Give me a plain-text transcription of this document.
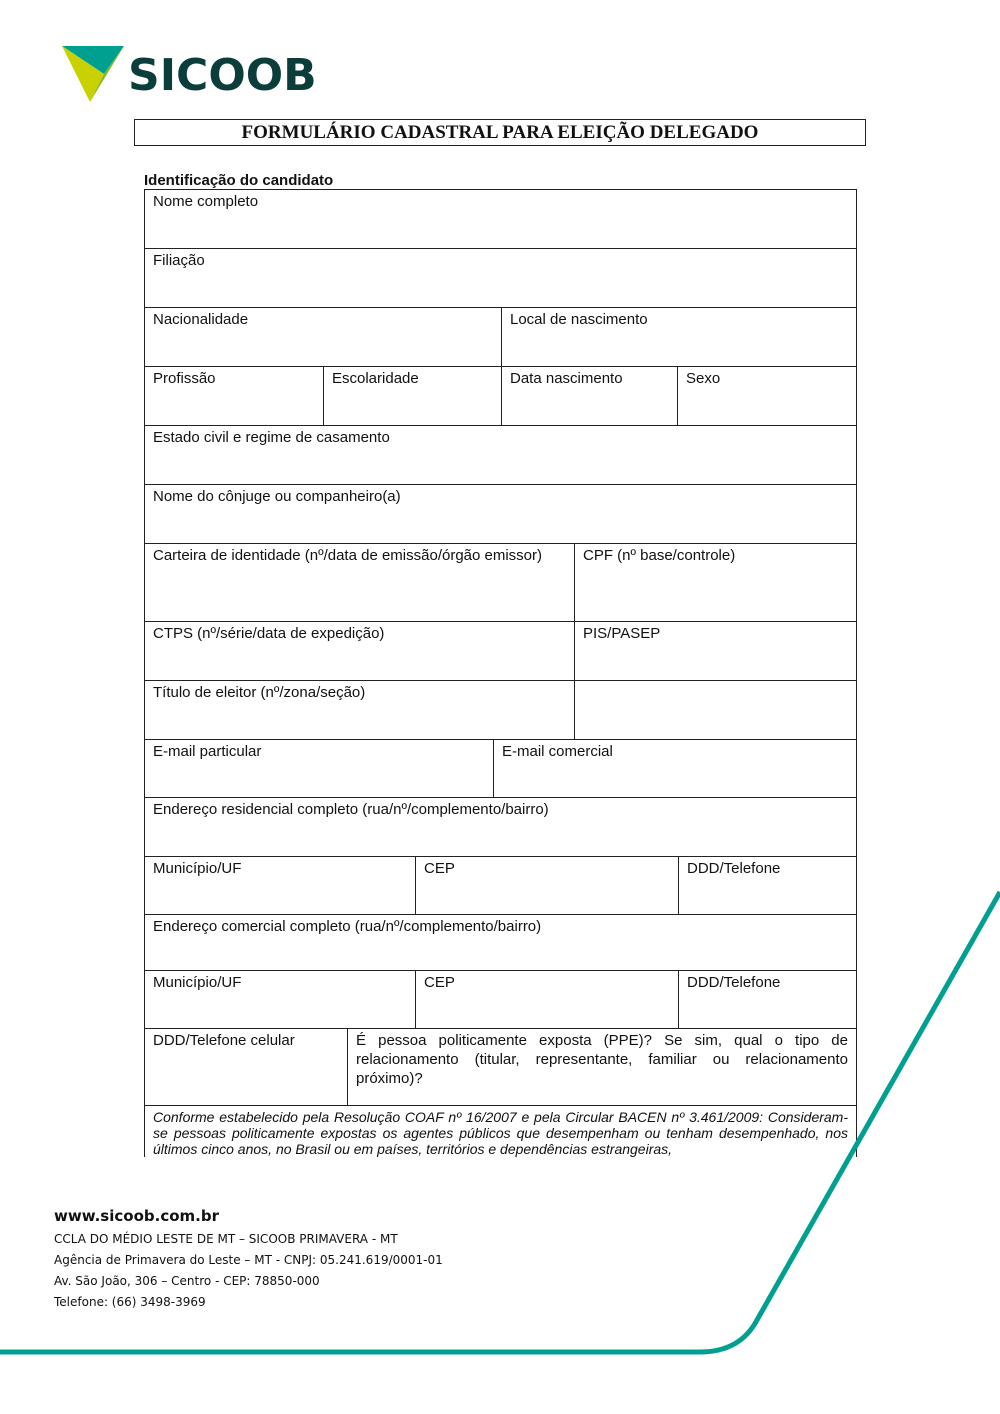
SICOOB
FORMULÁRIO CADASTRAL PARA ELEIÇÃO DELEGADO
Identificação do candidato
Nome completo
Filiação
Nacionalidade	Local de nascimento
Profissão	Escolaridade	Data nascimento	Sexo
Estado civil e regime de casamento
Nome do cônjuge ou companheiro(a)
Carteira de identidade (nº/data de emissão/órgão emissor)	CPF (nº base/controle)
CTPS (nº/série/data de expedição)	PIS/PASEP
Título de eleitor (nº/zona/seção)
E-mail particular	E-mail comercial
Endereço residencial completo (rua/nº/complemento/bairro)
Município/UF	CEP	DDD/Telefone
Endereço comercial completo (rua/nº/complemento/bairro)
Município/UF	CEP	DDD/Telefone
DDD/Telefone celular	É pessoa politicamente exposta (PPE)? Se sim, qual o tipo de relacionamento (titular, representante, familiar ou relacionamento próximo)?
Conforme estabelecido pela Resolução COAF nº 16/2007 e pela Circular BACEN nº 3.461/2009: Consideram-se pessoas politicamente expostas os agentes públicos que desempenham ou tenham desempenhado, nos últimos cinco anos, no Brasil ou em países, territórios e dependências estrangeiras,
www.sicoob.com.br
CCLA DO MÉDIO LESTE DE MT – SICOOB PRIMAVERA - MT
Agência de Primavera do Leste – MT - CNPJ: 05.241.619/0001-01
Av. São João, 306 – Centro - CEP: 78850-000
Telefone: (66) 3498-3969
